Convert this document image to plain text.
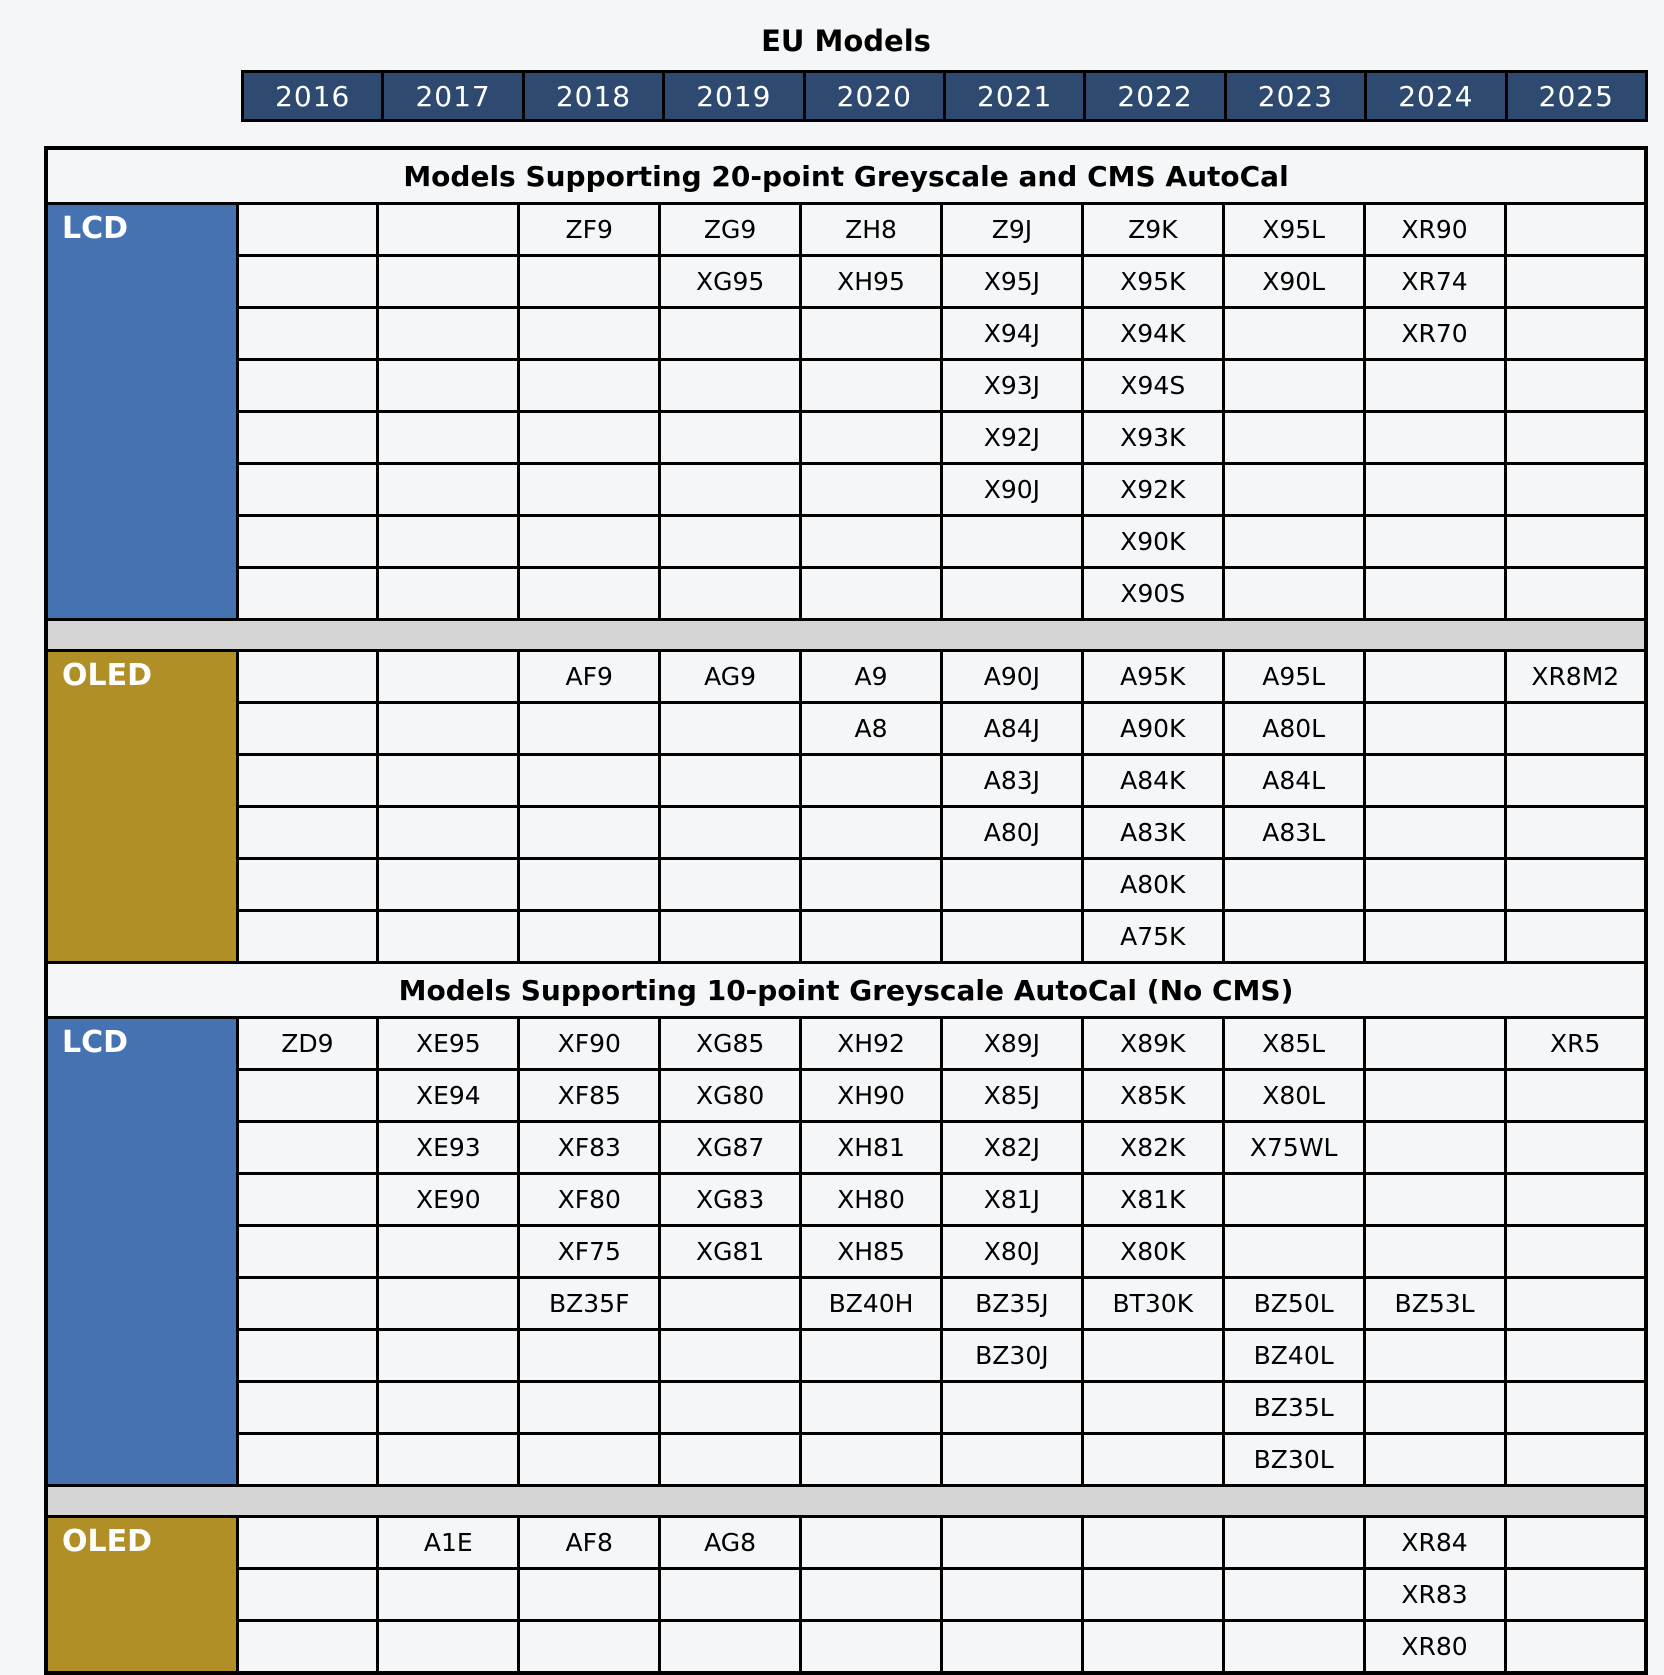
EU Models
2016	2017	2018	2019	2020	2021	2022	2023	2024	2025
Models Supporting 20-point Greyscale and CMS AutoCal										
LCD			ZF9	ZG9	ZH8	Z9J	Z9K	X95L	XR90	
				XG95	XH95	X95J	X95K	X90L	XR74	
						X94J	X94K		XR70	
						X93J	X94S			
						X92J	X93K			
						X90J	X92K			
							X90K			
							X90S			

OLED			AF9	AG9	A9	A90J	A95K	A95L		XR8M2
					A8	A84J	A90K	A80L		
						A83J	A84K	A84L		
						A80J	A83K	A83L		
							A80K			
							A75K			
Models Supporting 10-point Greyscale AutoCal (No CMS)										
LCD	ZD9	XE95	XF90	XG85	XH92	X89J	X89K	X85L		XR5
		XE94	XF85	XG80	XH90	X85J	X85K	X80L		
		XE93	XF83	XG87	XH81	X82J	X82K	X75WL		
		XE90	XF80	XG83	XH80	X81J	X81K			
			XF75	XG81	XH85	X80J	X80K			
			BZ35F		BZ40H	BZ35J	BT30K	BZ50L	BZ53L	
						BZ30J		BZ40L		
								BZ35L		
								BZ30L		

OLED		A1E	AF8	AG8					XR84	
									XR83	
									XR80	
